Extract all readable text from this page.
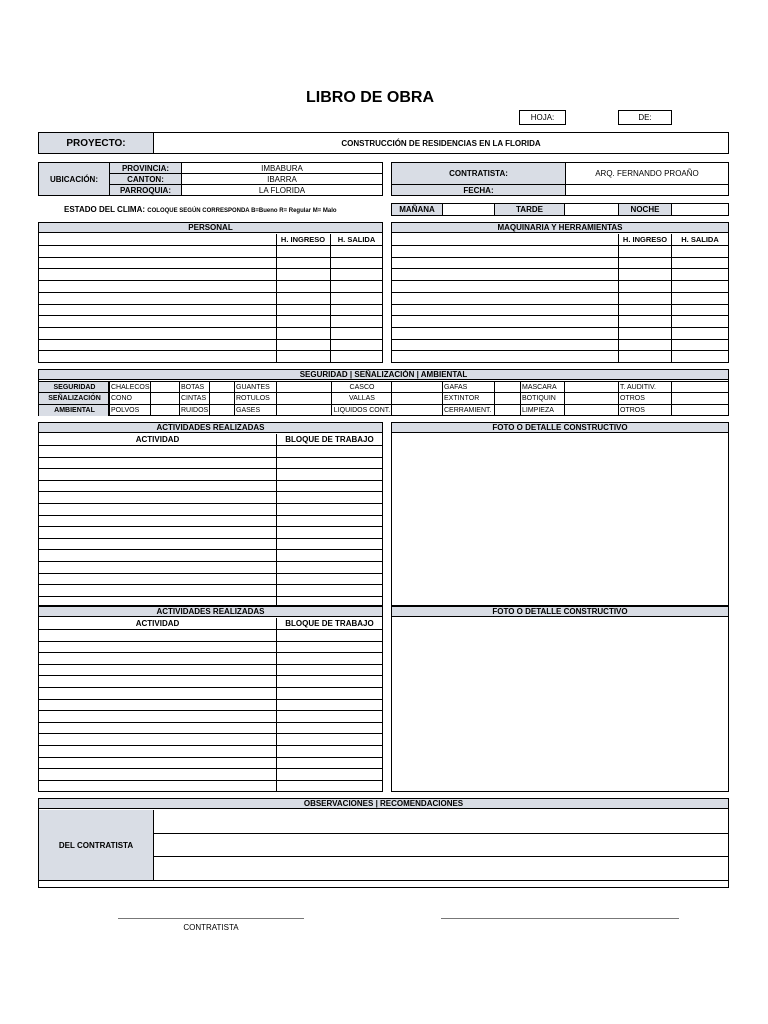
LIBRO DE OBRA
HOJA:	DE:
PROYECTO:	CONSTRUCCIÓN DE RESIDENCIAS EN LA FLORIDA
UBICACIÓN:
PROVINCIA:	IMBABURA
CANTON:	IBARRA
PARROQUIA:	LA FLORIDA
CONTRATISTA:	ARQ. FERNANDO PROAÑO
FECHA:
ESTADO DEL CLIMA: COLOQUE SEGÚN CORRESPONDA B=Bueno R= Regular M= Malo	MAÑANA	TARDE	NOCHE
PERSONAL
H. INGRESO	H. SALIDA
MAQUINARIA Y HERRAMIENTAS
H. INGRESO	H. SALIDA
SEGURIDAD | SEÑALIZACIÓN | AMBIENTAL
SEGURIDAD	CHALECOS	BOTAS	GUANTES	CASCO	GAFAS	MASCARA	T. AUDITIV.
SEÑALIZACIÓN	CONO	CINTAS	ROTULOS	VALLAS	EXTINTOR	BOTIQUIN	OTROS
AMBIENTAL	POLVOS	RUIDOS	GASES	LIQUIDOS CONT.	CERRAMIENT.	LIMPIEZA	OTROS
ACTIVIDADES REALIZADAS
ACTIVIDAD	BLOQUE DE TRABAJO
FOTO O DETALLE CONSTRUCTIVO
ACTIVIDADES REALIZADAS
ACTIVIDAD	BLOQUE DE TRABAJO
FOTO O DETALLE CONSTRUCTIVO
OBSERVACIONES | RECOMENDACIONES
DEL CONTRATISTA
CONTRATISTA
